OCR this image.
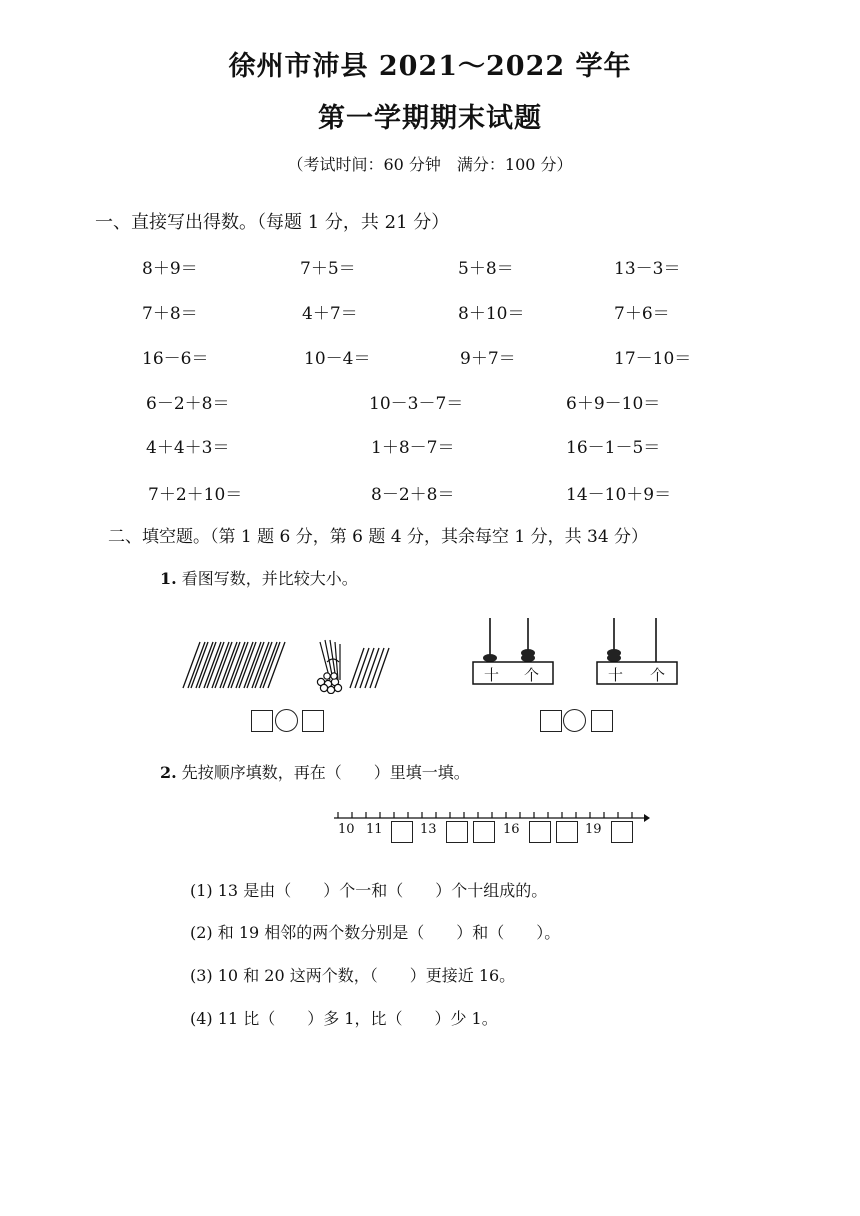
徐州市沛县 2021～2022 学年
第一学期期末试题
（考试时间：60 分钟　满分：100 分）
一、直接写出得数。（每题 1 分，共 21 分）
8＋9＝	7＋5＝	5＋8＝	13－3＝
7＋8＝	4＋7＝	8＋10＝	7＋6＝
16－6＝	10－4＝	9＋7＝	17－10＝
6－2＋8＝	10－3－7＝	6＋9－10＝
4＋4＋3＝	1＋8－7＝	16－1－5＝
7＋2＋10＝	8－2＋8＝	14－10＋9＝
二、填空题。（第 1 题 6 分，第 6 题 4 分，其余每空 1 分，共 34 分）
1. 看图写数，并比较大小。
十 个	十 个
2. 先按顺序填数，再在（　　）里填一填。
10 11	13	16	19
(1) 13 是由（　　）个一和（　　）个十组成的。
(2) 和 19 相邻的两个数分别是（　　）和（　　）。
(3) 10 和 20 这两个数，（　　）更接近 16。
(4) 11 比（　　）多 1，比（　　）少 1。
